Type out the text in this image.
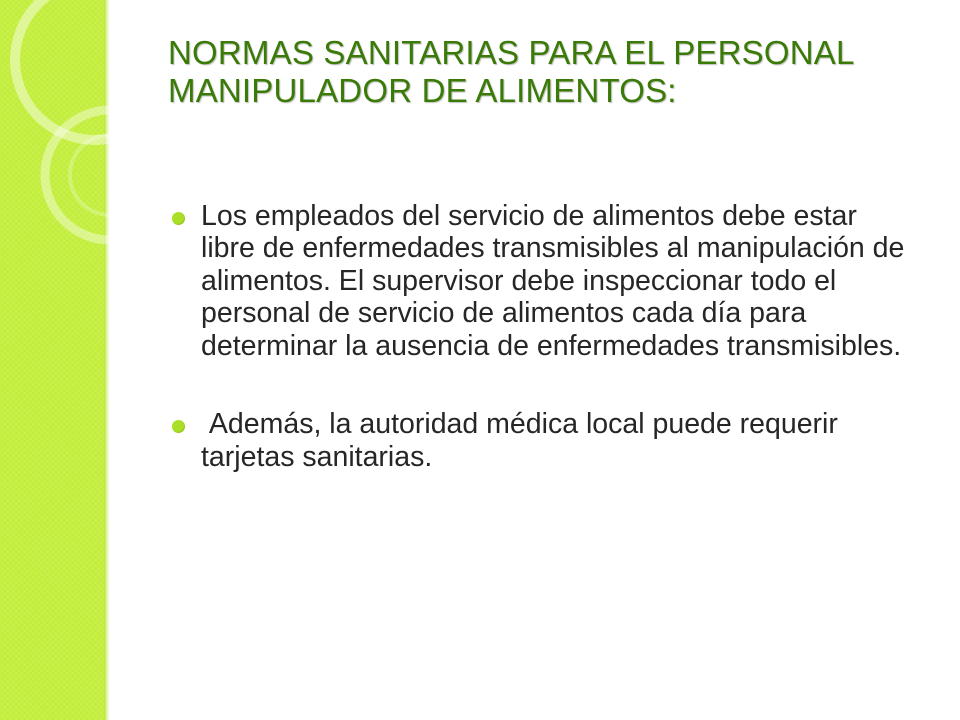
NORMAS SANITARIAS PARA EL PERSONAL MANIPULADOR DE ALIMENTOS:
Los empleados del servicio de alimentos debe estar libre de enfermedades transmisibles al manipulación de alimentos. El supervisor debe inspeccionar todo el personal de servicio de alimentos cada día para determinar la ausencia de enfermedades transmisibles.
Además, la autoridad médica local puede requerir tarjetas sanitarias.
